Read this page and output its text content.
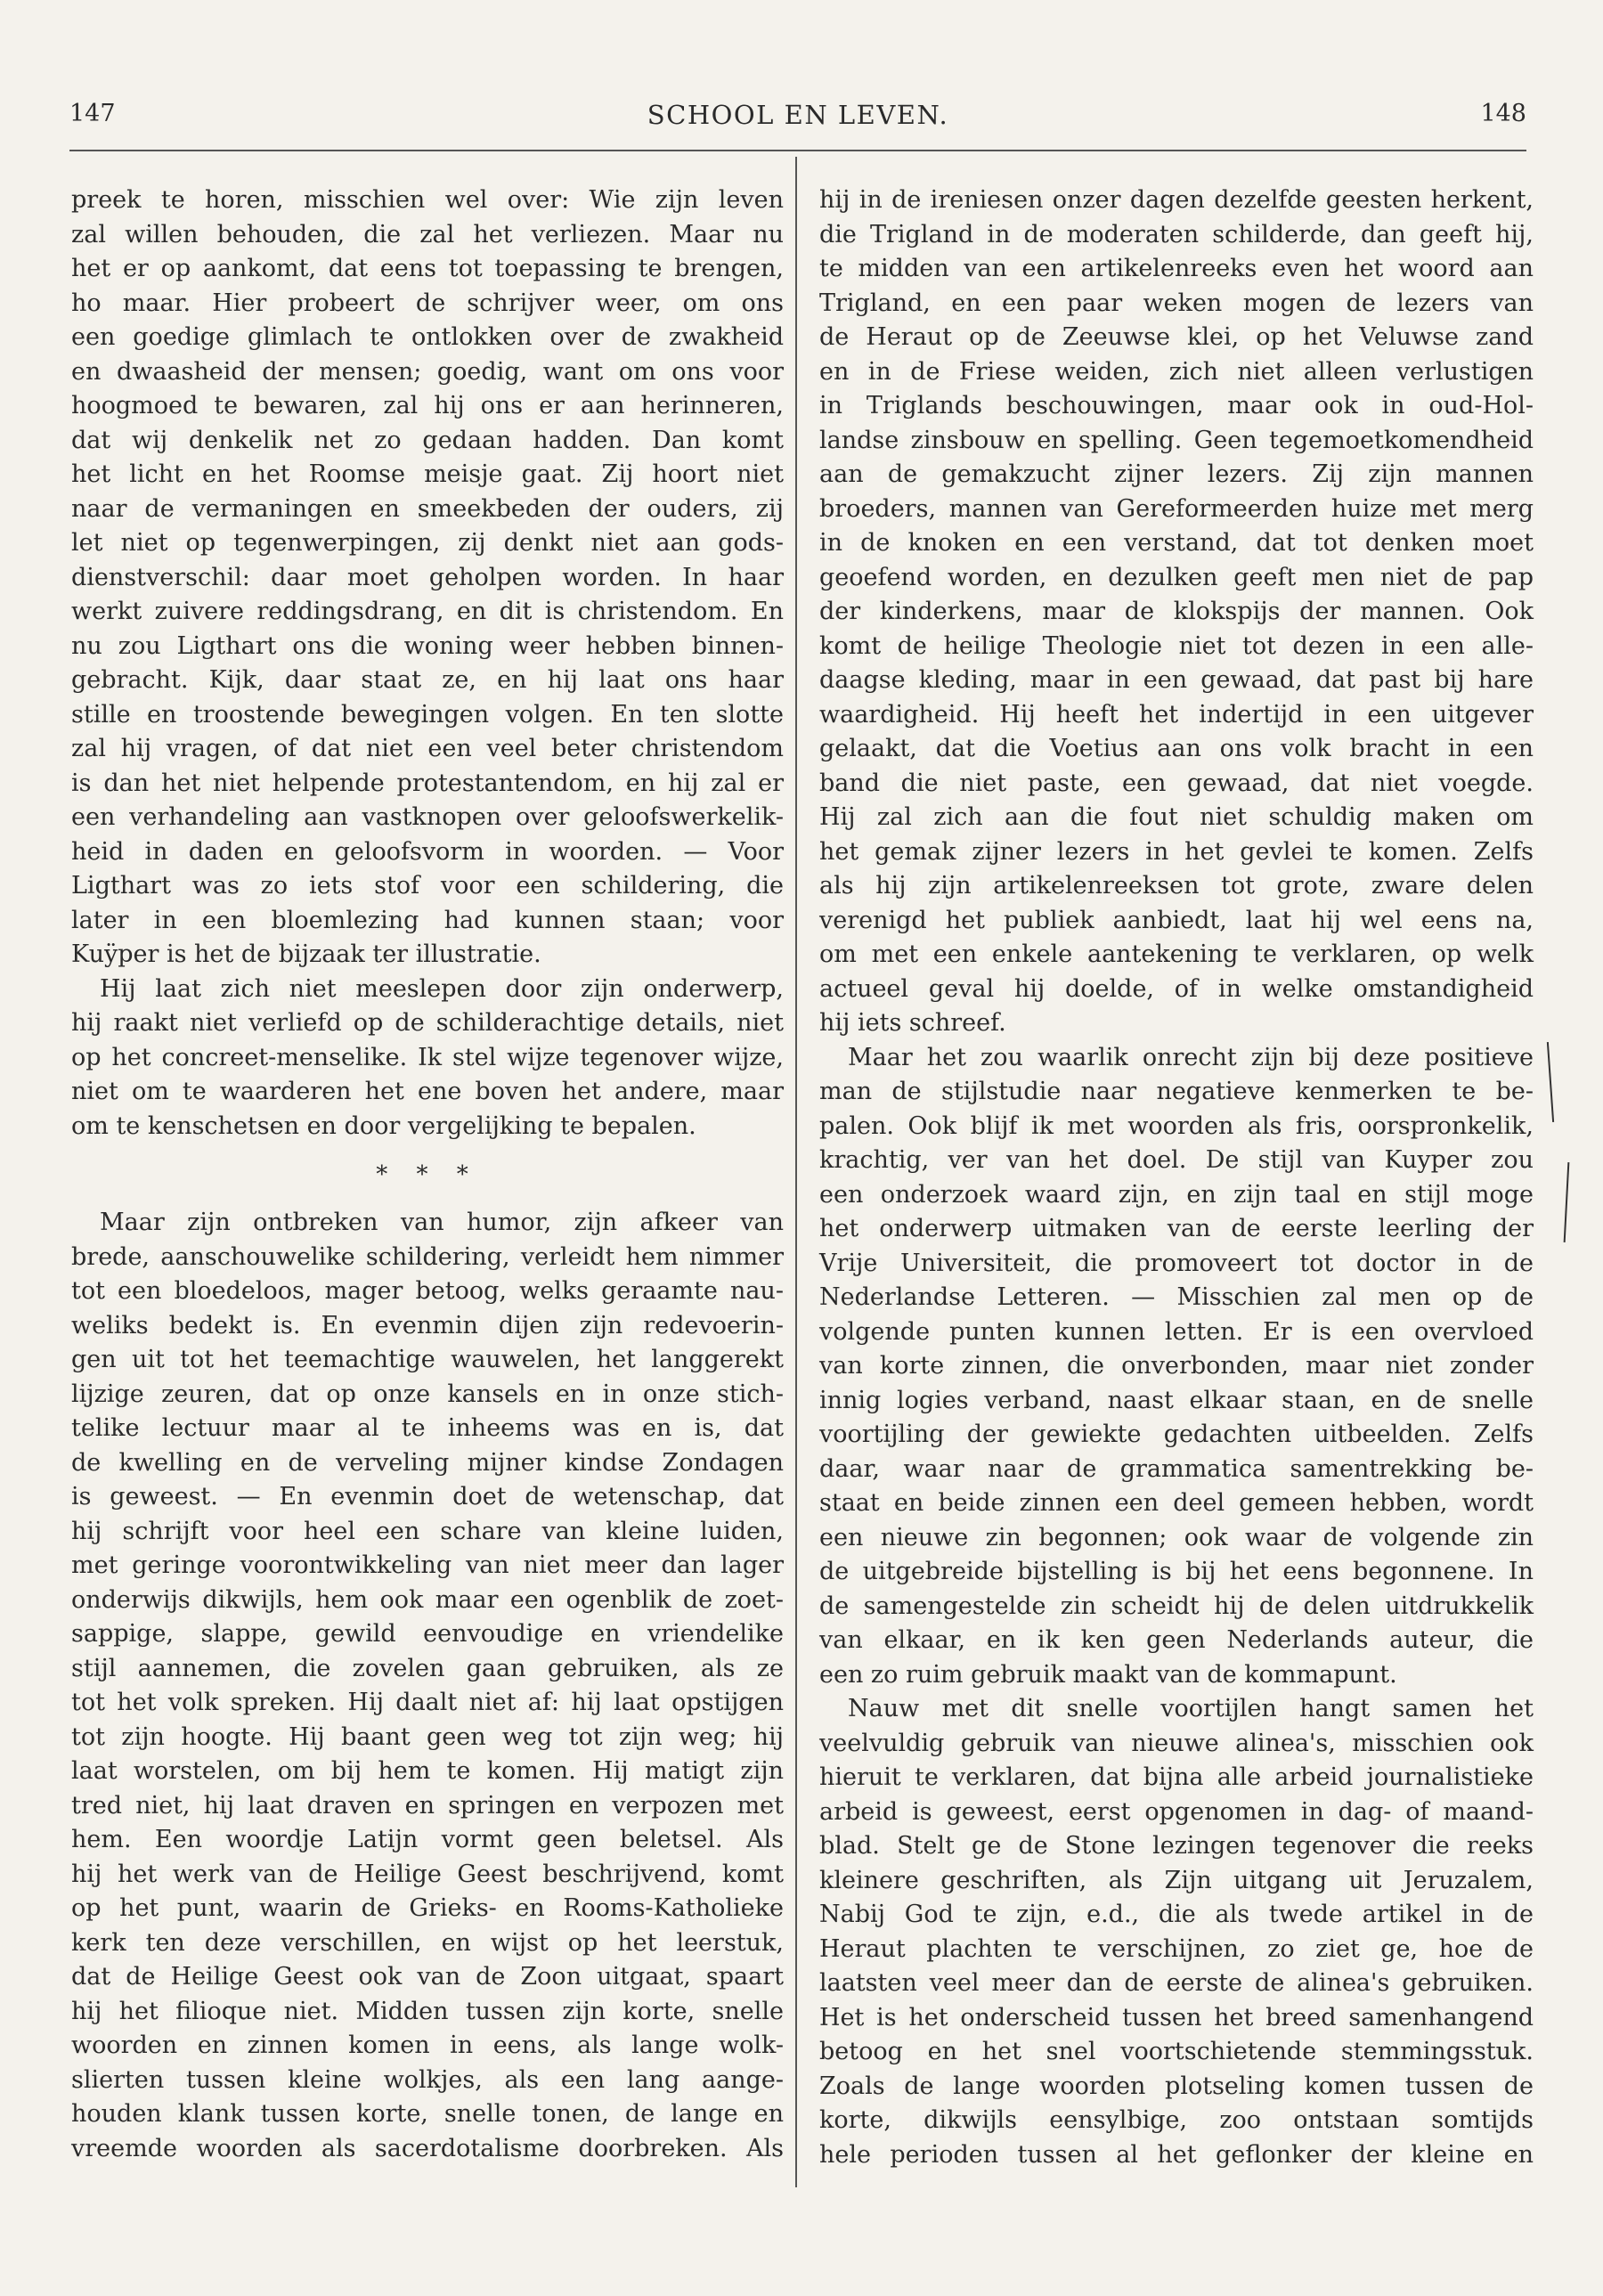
147	SCHOOL EN LEVEN.	148
preek te horen, misschien wel over: Wie zijn leven
zal willen behouden, die zal het verliezen. Maar nu
het er op aankomt, dat eens tot toepassing te brengen,
ho maar. Hier probeert de schrijver weer, om ons
een goedige glimlach te ontlokken over de zwakheid
en dwaasheid der mensen; goedig, want om ons voor
hoogmoed te bewaren, zal hij ons er aan herinneren,
dat wij denkelik net zo gedaan hadden. Dan komt
het licht en het Roomse meisje gaat. Zij hoort niet
naar de vermaningen en smeekbeden der ouders, zij
let niet op tegenwerpingen, zij denkt niet aan gods-
dienstverschil: daar moet geholpen worden. In haar
werkt zuivere reddingsdrang, en dit is christendom. En
nu zou Ligthart ons die woning weer hebben binnen-
gebracht. Kijk, daar staat ze, en hij laat ons haar
stille en troostende bewegingen volgen. En ten slotte
zal hij vragen, of dat niet een veel beter christendom
is dan het niet helpende protestantendom, en hij zal er
een verhandeling aan vastknopen over geloofswerkelik-
heid in daden en geloofsvorm in woorden. — Voor
Ligthart was zo iets stof voor een schildering, die
later in een bloemlezing had kunnen staan; voor
Kuÿper is het de bijzaak ter illustratie.
Hij laat zich niet meeslepen door zijn onderwerp,
hij raakt niet verliefd op de schilderachtige details, niet
op het concreet-menselike. Ik stel wijze tegenover wijze,
niet om te waarderen het ene boven het andere, maar
om te kenschetsen en door vergelijking te bepalen.
* * *
Maar zijn ontbreken van humor, zijn afkeer van
brede, aanschouwelike schildering, verleidt hem nimmer
tot een bloedeloos, mager betoog, welks geraamte nau-
weliks bedekt is. En evenmin dijen zijn redevoerin-
gen uit tot het teemachtige wauwelen, het langgerekt
lijzige zeuren, dat op onze kansels en in onze stich-
telike lectuur maar al te inheems was en is, dat
de kwelling en de verveling mijner kindse Zondagen
is geweest. — En evenmin doet de wetenschap, dat
hij schrijft voor heel een schare van kleine luiden,
met geringe voorontwikkeling van niet meer dan lager
onderwijs dikwijls, hem ook maar een ogenblik de zoet-
sappige, slappe, gewild eenvoudige en vriendelike
stijl aannemen, die zovelen gaan gebruiken, als ze
tot het volk spreken. Hij daalt niet af: hij laat opstijgen
tot zijn hoogte. Hij baant geen weg tot zijn weg; hij
laat worstelen, om bij hem te komen. Hij matigt zijn
tred niet, hij laat draven en springen en verpozen met
hem. Een woordje Latijn vormt geen beletsel. Als
hij het werk van de Heilige Geest beschrijvend, komt
op het punt, waarin de Grieks- en Rooms-Katholieke
kerk ten deze verschillen, en wijst op het leerstuk,
dat de Heilige Geest ook van de Zoon uitgaat, spaart
hij het filioque niet. Midden tussen zijn korte, snelle
woorden en zinnen komen in eens, als lange wolk-
slierten tussen kleine wolkjes, als een lang aange-
houden klank tussen korte, snelle tonen, de lange en
vreemde woorden als sacerdotalisme doorbreken. Als
hij in de ireniesen onzer dagen dezelfde geesten herkent,
die Trigland in de moderaten schilderde, dan geeft hij,
te midden van een artikelenreeks even het woord aan
Trigland, en een paar weken mogen de lezers van
de Heraut op de Zeeuwse klei, op het Veluwse zand
en in de Friese weiden, zich niet alleen verlustigen
in Triglands beschouwingen, maar ook in oud-Hol-
landse zinsbouw en spelling. Geen tegemoetkomendheid
aan de gemakzucht zijner lezers. Zij zijn mannen
broeders, mannen van Gereformeerden huize met merg
in de knoken en een verstand, dat tot denken moet
geoefend worden, en dezulken geeft men niet de pap
der kinderkens, maar de klokspijs der mannen. Ook
komt de heilige Theologie niet tot dezen in een alle-
daagse kleding, maar in een gewaad, dat past bij hare
waardigheid. Hij heeft het indertijd in een uitgever
gelaakt, dat die Voetius aan ons volk bracht in een
band die niet paste, een gewaad, dat niet voegde.
Hij zal zich aan die fout niet schuldig maken om
het gemak zijner lezers in het gevlei te komen. Zelfs
als hij zijn artikelenreeksen tot grote, zware delen
verenigd het publiek aanbiedt, laat hij wel eens na,
om met een enkele aantekening te verklaren, op welk
actueel geval hij doelde, of in welke omstandigheid
hij iets schreef.
Maar het zou waarlik onrecht zijn bij deze positieve
man de stijlstudie naar negatieve kenmerken te be-
palen. Ook blijf ik met woorden als fris, oorspronkelik,
krachtig, ver van het doel. De stijl van Kuyper zou
een onderzoek waard zijn, en zijn taal en stijl moge
het onderwerp uitmaken van de eerste leerling der
Vrije Universiteit, die promoveert tot doctor in de
Nederlandse Letteren. — Misschien zal men op de
volgende punten kunnen letten. Er is een overvloed
van korte zinnen, die onverbonden, maar niet zonder
innig logies verband, naast elkaar staan, en de snelle
voortijling der gewiekte gedachten uitbeelden. Zelfs
daar, waar naar de grammatica samentrekking be-
staat en beide zinnen een deel gemeen hebben, wordt
een nieuwe zin begonnen; ook waar de volgende zin
de uitgebreide bijstelling is bij het eens begonnene. In
de samengestelde zin scheidt hij de delen uitdrukkelik
van elkaar, en ik ken geen Nederlands auteur, die
een zo ruim gebruik maakt van de kommapunt.
Nauw met dit snelle voortijlen hangt samen het
veelvuldig gebruik van nieuwe alinea's, misschien ook
hieruit te verklaren, dat bijna alle arbeid journalistieke
arbeid is geweest, eerst opgenomen in dag- of maand-
blad. Stelt ge de Stone lezingen tegenover die reeks
kleinere geschriften, als Zijn uitgang uit Jeruzalem,
Nabij God te zijn, e.d., die als twede artikel in de
Heraut plachten te verschijnen, zo ziet ge, hoe de
laatsten veel meer dan de eerste de alinea's gebruiken.
Het is het onderscheid tussen het breed samenhangend
betoog en het snel voortschietende stemmingsstuk.
Zoals de lange woorden plotseling komen tussen de
korte, dikwijls eensylbige, zoo ontstaan somtijds
hele perioden tussen al het geflonker der kleine en
